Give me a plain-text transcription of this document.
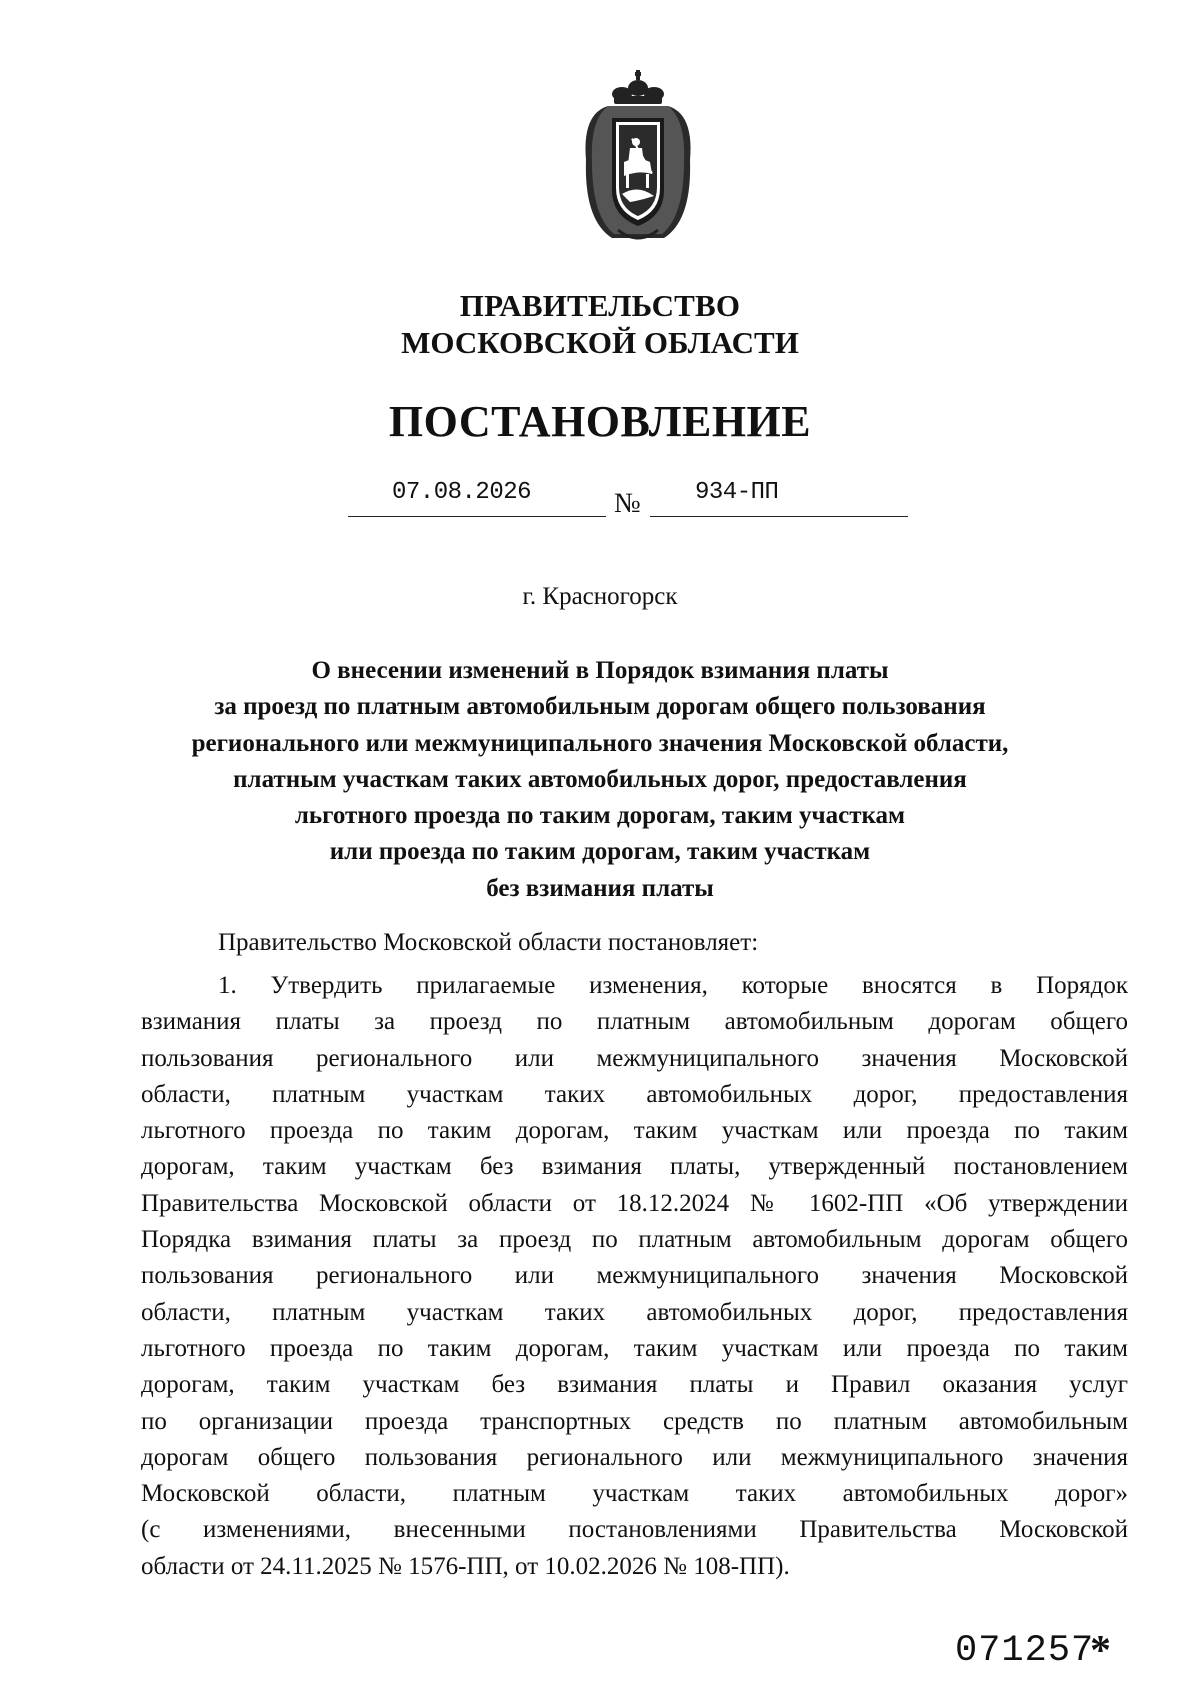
ПРАВИТЕЛЬСТВО
МОСКОВСКОЙ ОБЛАСТИ
ПОСТАНОВЛЕНИЕ
07.08.2026	№ 934-ПП
г. Красногорск
О внесении изменений в Порядок взимания платы
за проезд по платным автомобильным дорогам общего пользования
регионального или межмуниципального значения Московской области,
платным участкам таких автомобильных дорог, предоставления
льготного проезда по таким дорогам, таким участкам
или проезда по таким дорогам, таким участкам
без взимания платы
Правительство Московской области постановляет:
1. Утвердить прилагаемые изменения, которые вносятся в Порядок
взимания платы за проезд по платным автомобильным дорогам общего
пользования регионального или межмуниципального значения Московской
области, платным участкам таких автомобильных дорог, предоставления
льготного проезда по таким дорогам, таким участкам или проезда по таким
дорогам, таким участкам без взимания платы, утвержденный постановлением
Правительства Московской области от 18.12.2024 № 1602-ПП «Об утверждении
Порядка взимания платы за проезд по платным автомобильным дорогам общего
пользования регионального или межмуниципального значения Московской
области, платным участкам таких автомобильных дорог, предоставления
льготного проезда по таким дорогам, таким участкам или проезда по таким
дорогам, таким участкам без взимания платы и Правил оказания услуг
по организации проезда транспортных средств по платным автомобильным
дорогам общего пользования регионального или межмуниципального значения
Московской области, платным участкам таких автомобильных дорог»
(с изменениями, внесенными постановлениями Правительства Московской
области от 24.11.2025 № 1576-ПП, от 10.02.2026 № 108-ПП).
071257
*
